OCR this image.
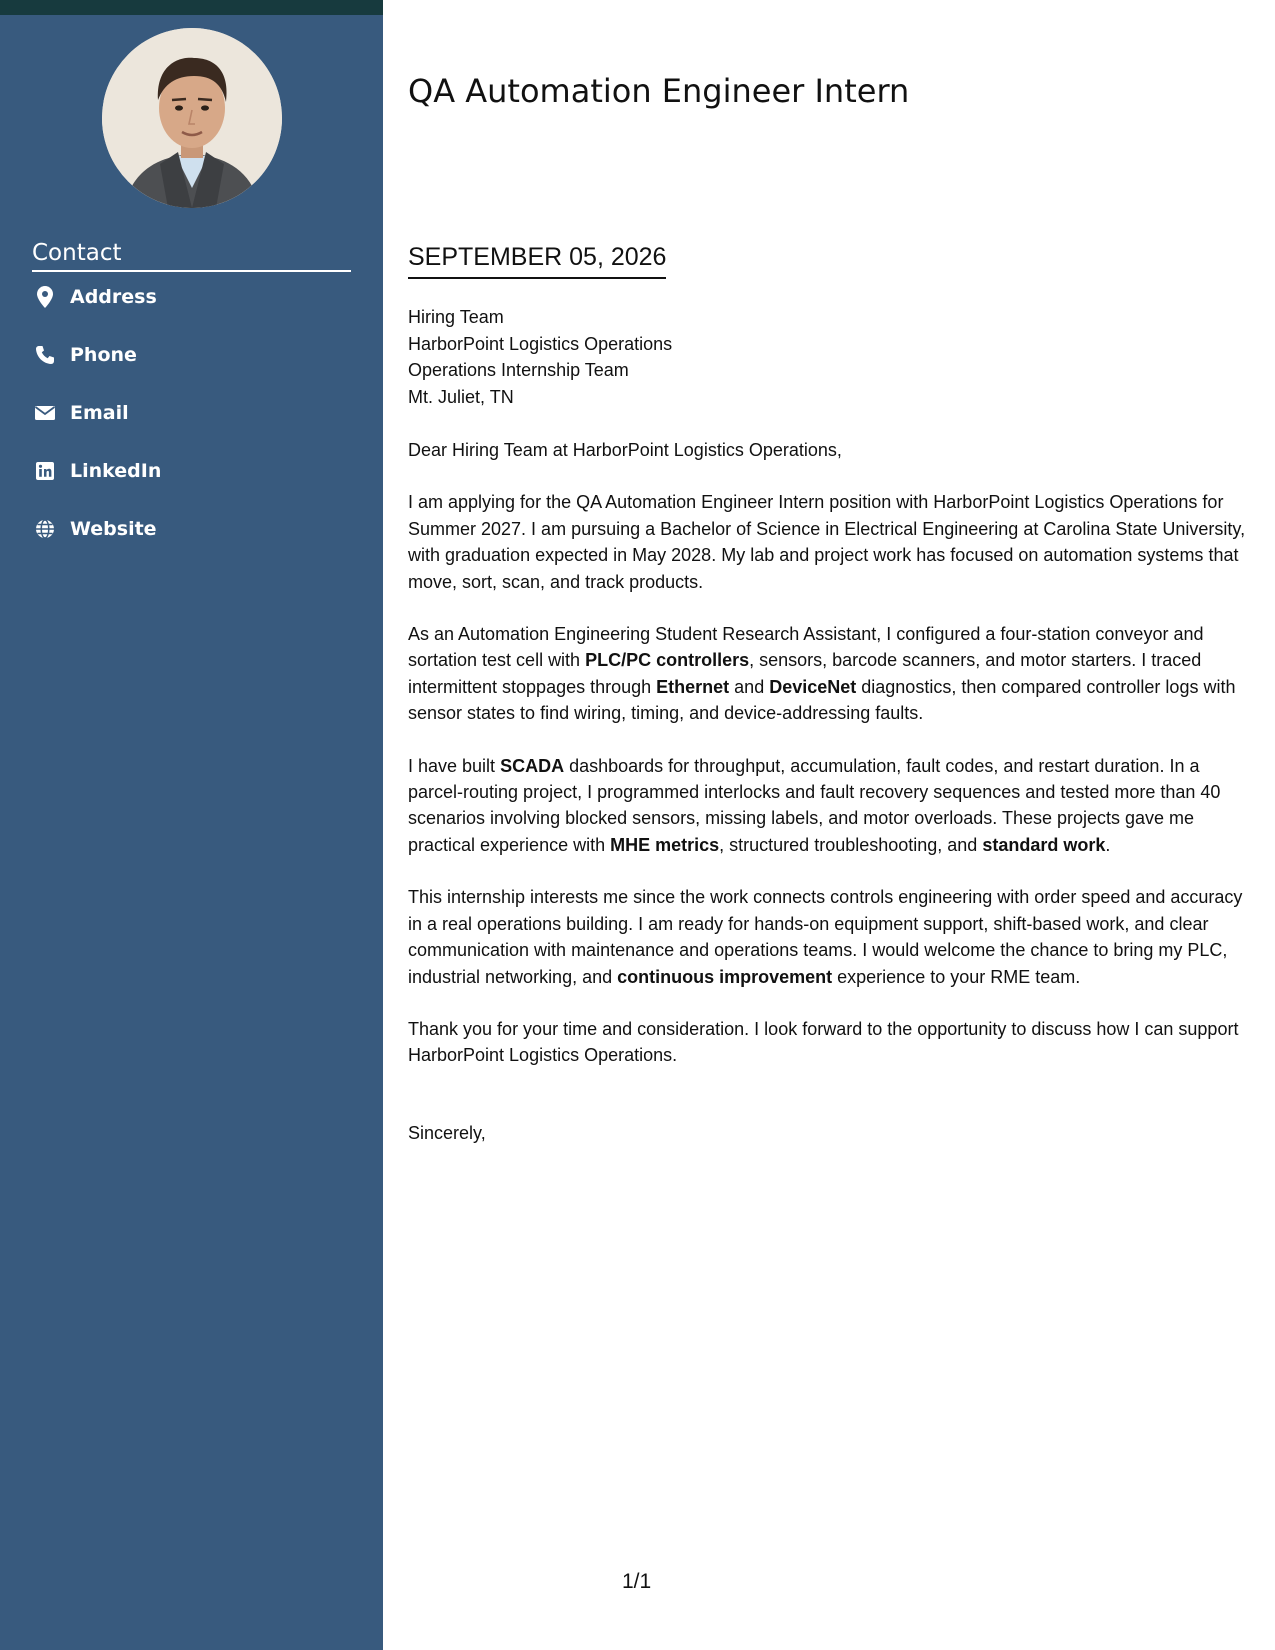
Contact
Address
Phone
Email
LinkedIn
Website
QA Automation Engineer Intern
SEPTEMBER 05, 2026
Hiring Team
HarborPoint Logistics Operations
Operations Internship Team
Mt. Juliet, TN

Dear Hiring Team at HarborPoint Logistics Operations,

I am applying for the QA Automation Engineer Intern position with HarborPoint Logistics Operations for Summer 2027. I am pursuing a Bachelor of Science in Electrical Engineering at Carolina State University, with graduation expected in May 2028. My lab and project work has focused on automation systems that move, sort, scan, and track products.

As an Automation Engineering Student Research Assistant, I configured a four-station conveyor and sortation test cell with PLC/PC controllers, sensors, barcode scanners, and motor starters. I traced intermittent stoppages through Ethernet and DeviceNet diagnostics, then compared controller logs with sensor states to find wiring, timing, and device-addressing faults.

I have built SCADA dashboards for throughput, accumulation, fault codes, and restart duration. In a parcel-routing project, I programmed interlocks and fault recovery sequences and tested more than 40 scenarios involving blocked sensors, missing labels, and motor overloads. These projects gave me practical experience with MHE metrics, structured troubleshooting, and standard work.

This internship interests me since the work connects controls engineering with order speed and accuracy in a real operations building. I am ready for hands-on equipment support, shift-based work, and clear communication with maintenance and operations teams. I would welcome the chance to bring my PLC, industrial networking, and continuous improvement experience to your RME team.

Thank you for your time and consideration. I look forward to the opportunity to discuss how I can support HarborPoint Logistics Operations.

Sincerely,
1/1
